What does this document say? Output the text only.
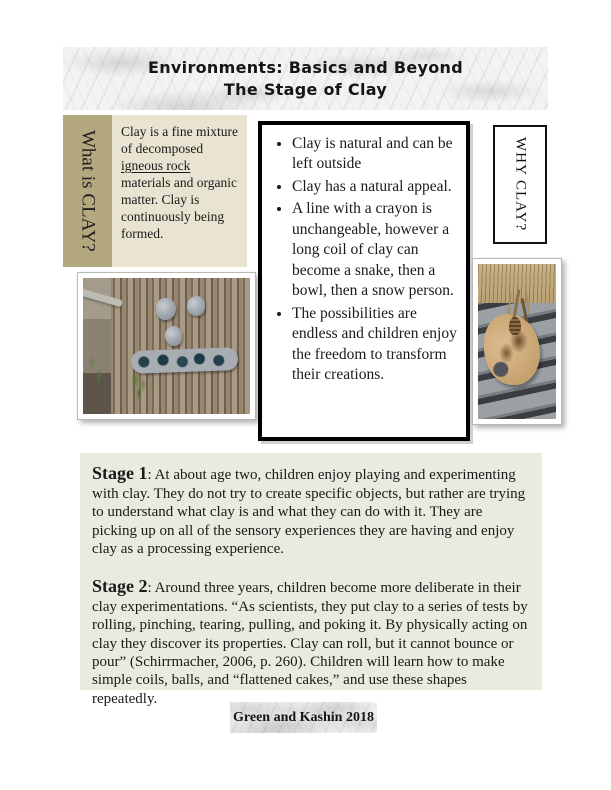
Environments: Basics and Beyond
The Stage of Clay
What is CLAY?	Clay is a fine mixture of decomposed igneous rock materials and organic matter. Clay is continuously being formed.
• Clay is natural and can be left outside
• Clay has a natural appeal.
• A line with a crayon is unchangeable, however a long coil of clay can become a snake, then a bowl, then a snow person.
• The possibilities are endless and children enjoy the freedom to transform their creations.
WHY CLAY?

Stage 1: At about age two, children enjoy playing and experimenting with clay. They do not try to create specific objects, but rather are trying to understand what clay is and what they can do with it. They are picking up on all of the sensory experiences they are having and enjoy clay as a processing experience.

Stage 2: Around three years, children become more deliberate in their clay experimentations. “As scientists, they put clay to a series of tests by rolling, pinching, tearing, pulling, and poking it. By physically acting on clay they discover its properties. Clay can roll, but it cannot bounce or pour” (Schirrmacher, 2006, p. 260). Children will learn how to make simple coils, balls, and “flattened cakes,” and use these shapes repeatedly.

Green and Kashin 2018
